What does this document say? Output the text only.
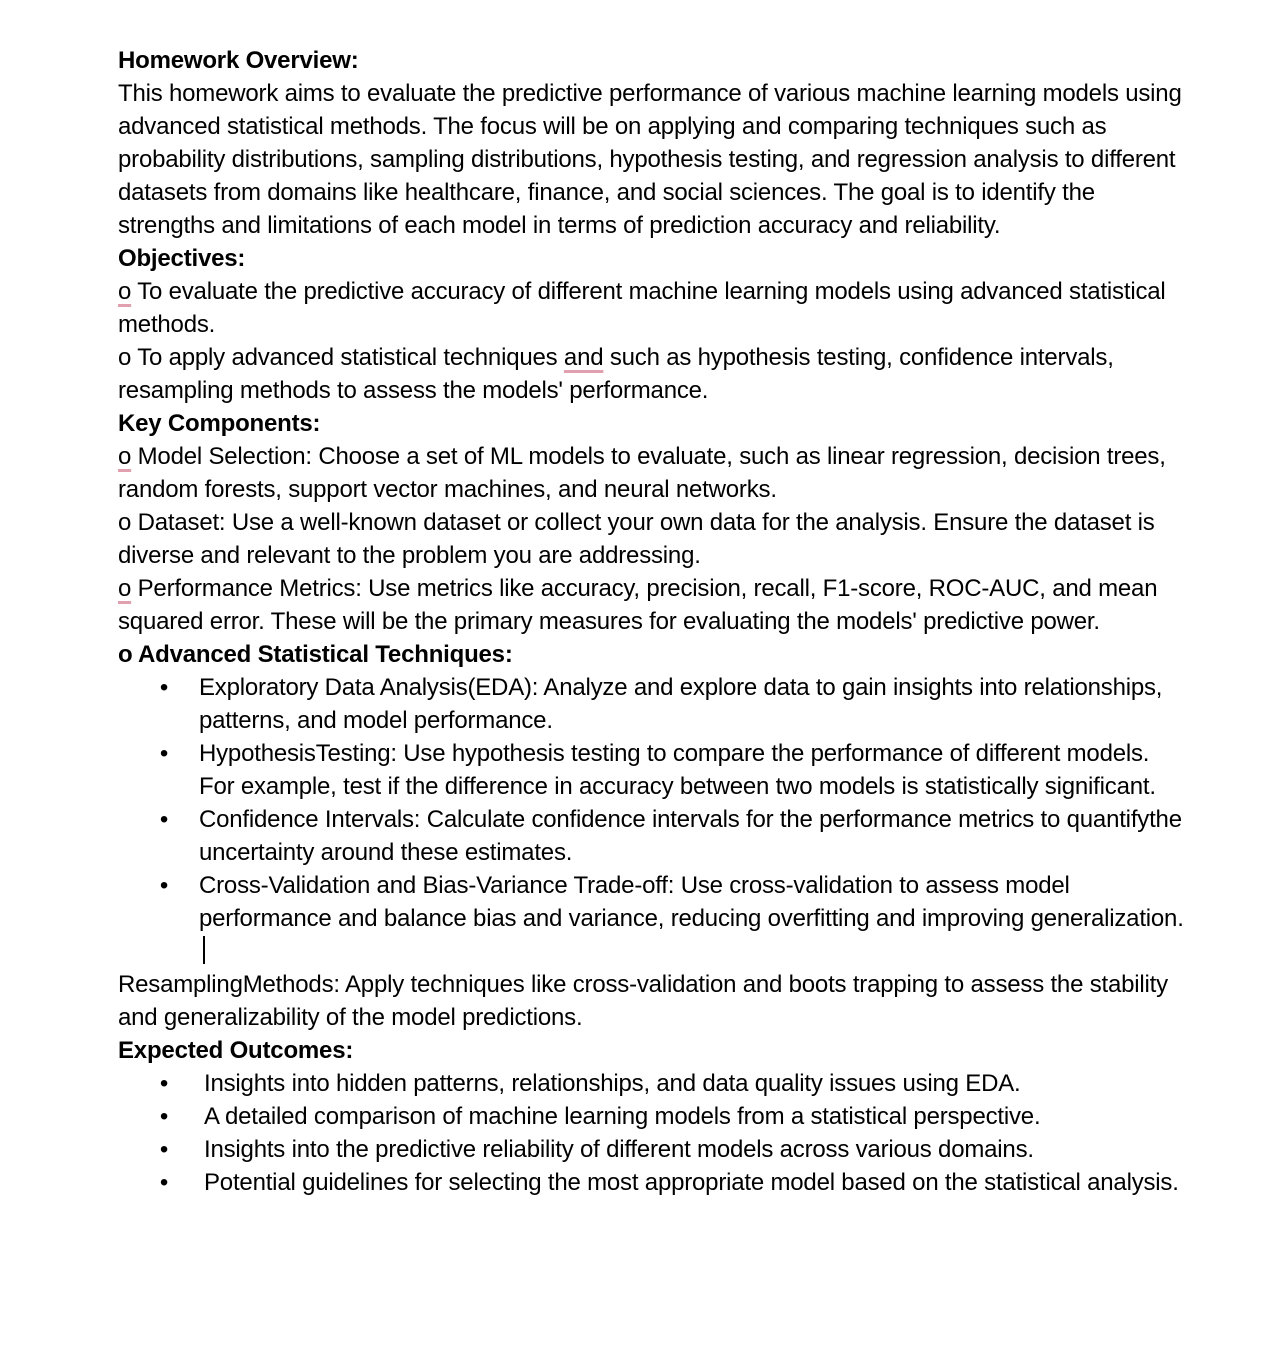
Homework Overview:

This homework aims to evaluate the predictive performance of various machine learning models using advanced statistical methods. The focus will be on applying and comparing techniques such as probability distributions, sampling distributions, hypothesis testing, and regression analysis to different datasets from domains like healthcare, finance, and social sciences. The goal is to identify the strengths and limitations of each model in terms of prediction accuracy and reliability.

Objectives:

o To evaluate the predictive accuracy of different machine learning models using advanced statistical methods.

o To apply advanced statistical techniques and such as hypothesis testing, confidence intervals, resampling methods to assess the models' performance.

Key Components:

o Model Selection: Choose a set of ML models to evaluate, such as linear regression, decision trees, random forests, support vector machines, and neural networks.

o Dataset: Use a well-known dataset or collect your own data for the analysis. Ensure the dataset is diverse and relevant to the problem you are addressing.

o Performance Metrics: Use metrics like accuracy, precision, recall, F1-score, ROC-AUC, and mean squared error. These will be the primary measures for evaluating the models' predictive power.

o Advanced Statistical Techniques:

• Exploratory Data Analysis(EDA): Analyze and explore data to gain insights into relationships, patterns, and model performance.
• HypothesisTesting: Use hypothesis testing to compare the performance of different models. For example, test if the difference in accuracy between two models is statistically significant.
• Confidence Intervals: Calculate confidence intervals for the performance metrics to quantifythe uncertainty around these estimates.
• Cross-Validation and Bias-Variance Trade-off: Use cross-validation to assess model performance and balance bias and variance, reducing overfitting and improving generalization.

ResamplingMethods: Apply techniques like cross-validation and boots trapping to assess the stability and generalizability of the model predictions.

Expected Outcomes:

• Insights into hidden patterns, relationships, and data quality issues using EDA.
• A detailed comparison of machine learning models from a statistical perspective.
• Insights into the predictive reliability of different models across various domains.
• Potential guidelines for selecting the most appropriate model based on the statistical analysis.
